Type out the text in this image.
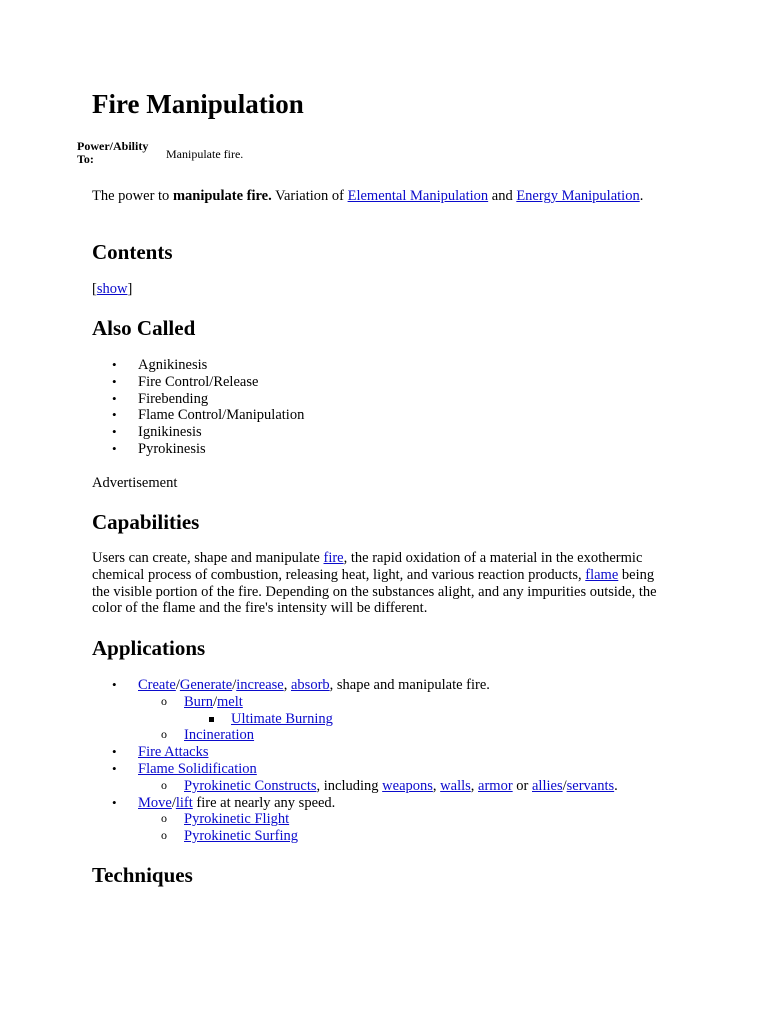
Fire Manipulation
Power/Ability To:	Manipulate fire.

The power to manipulate fire. Variation of Elemental Manipulation and Energy Manipulation.

Contents
[show]
Also Called
• Agnikinesis
• Fire Control/Release
• Firebending
• Flame Control/Manipulation
• Ignikinesis
• Pyrokinesis
Advertisement
Capabilities

Users can create, shape and manipulate fire, the rapid oxidation of a material in the exothermic chemical process of combustion, releasing heat, light, and various reaction products, flame being the visible portion of the fire. Depending on the substances alight, and any impurities outside, the color of the flame and the fire's intensity will be different.

Applications
• Create/Generate/increase, absorb, shape and manipulate fire.
o Burn/melt
Ultimate Burning
o Incineration
• Fire Attacks
• Flame Solidification
o Pyrokinetic Constructs, including weapons, walls, armor or allies/servants.
• Move/lift fire at nearly any speed.
o Pyrokinetic Flight
o Pyrokinetic Surfing
Techniques
